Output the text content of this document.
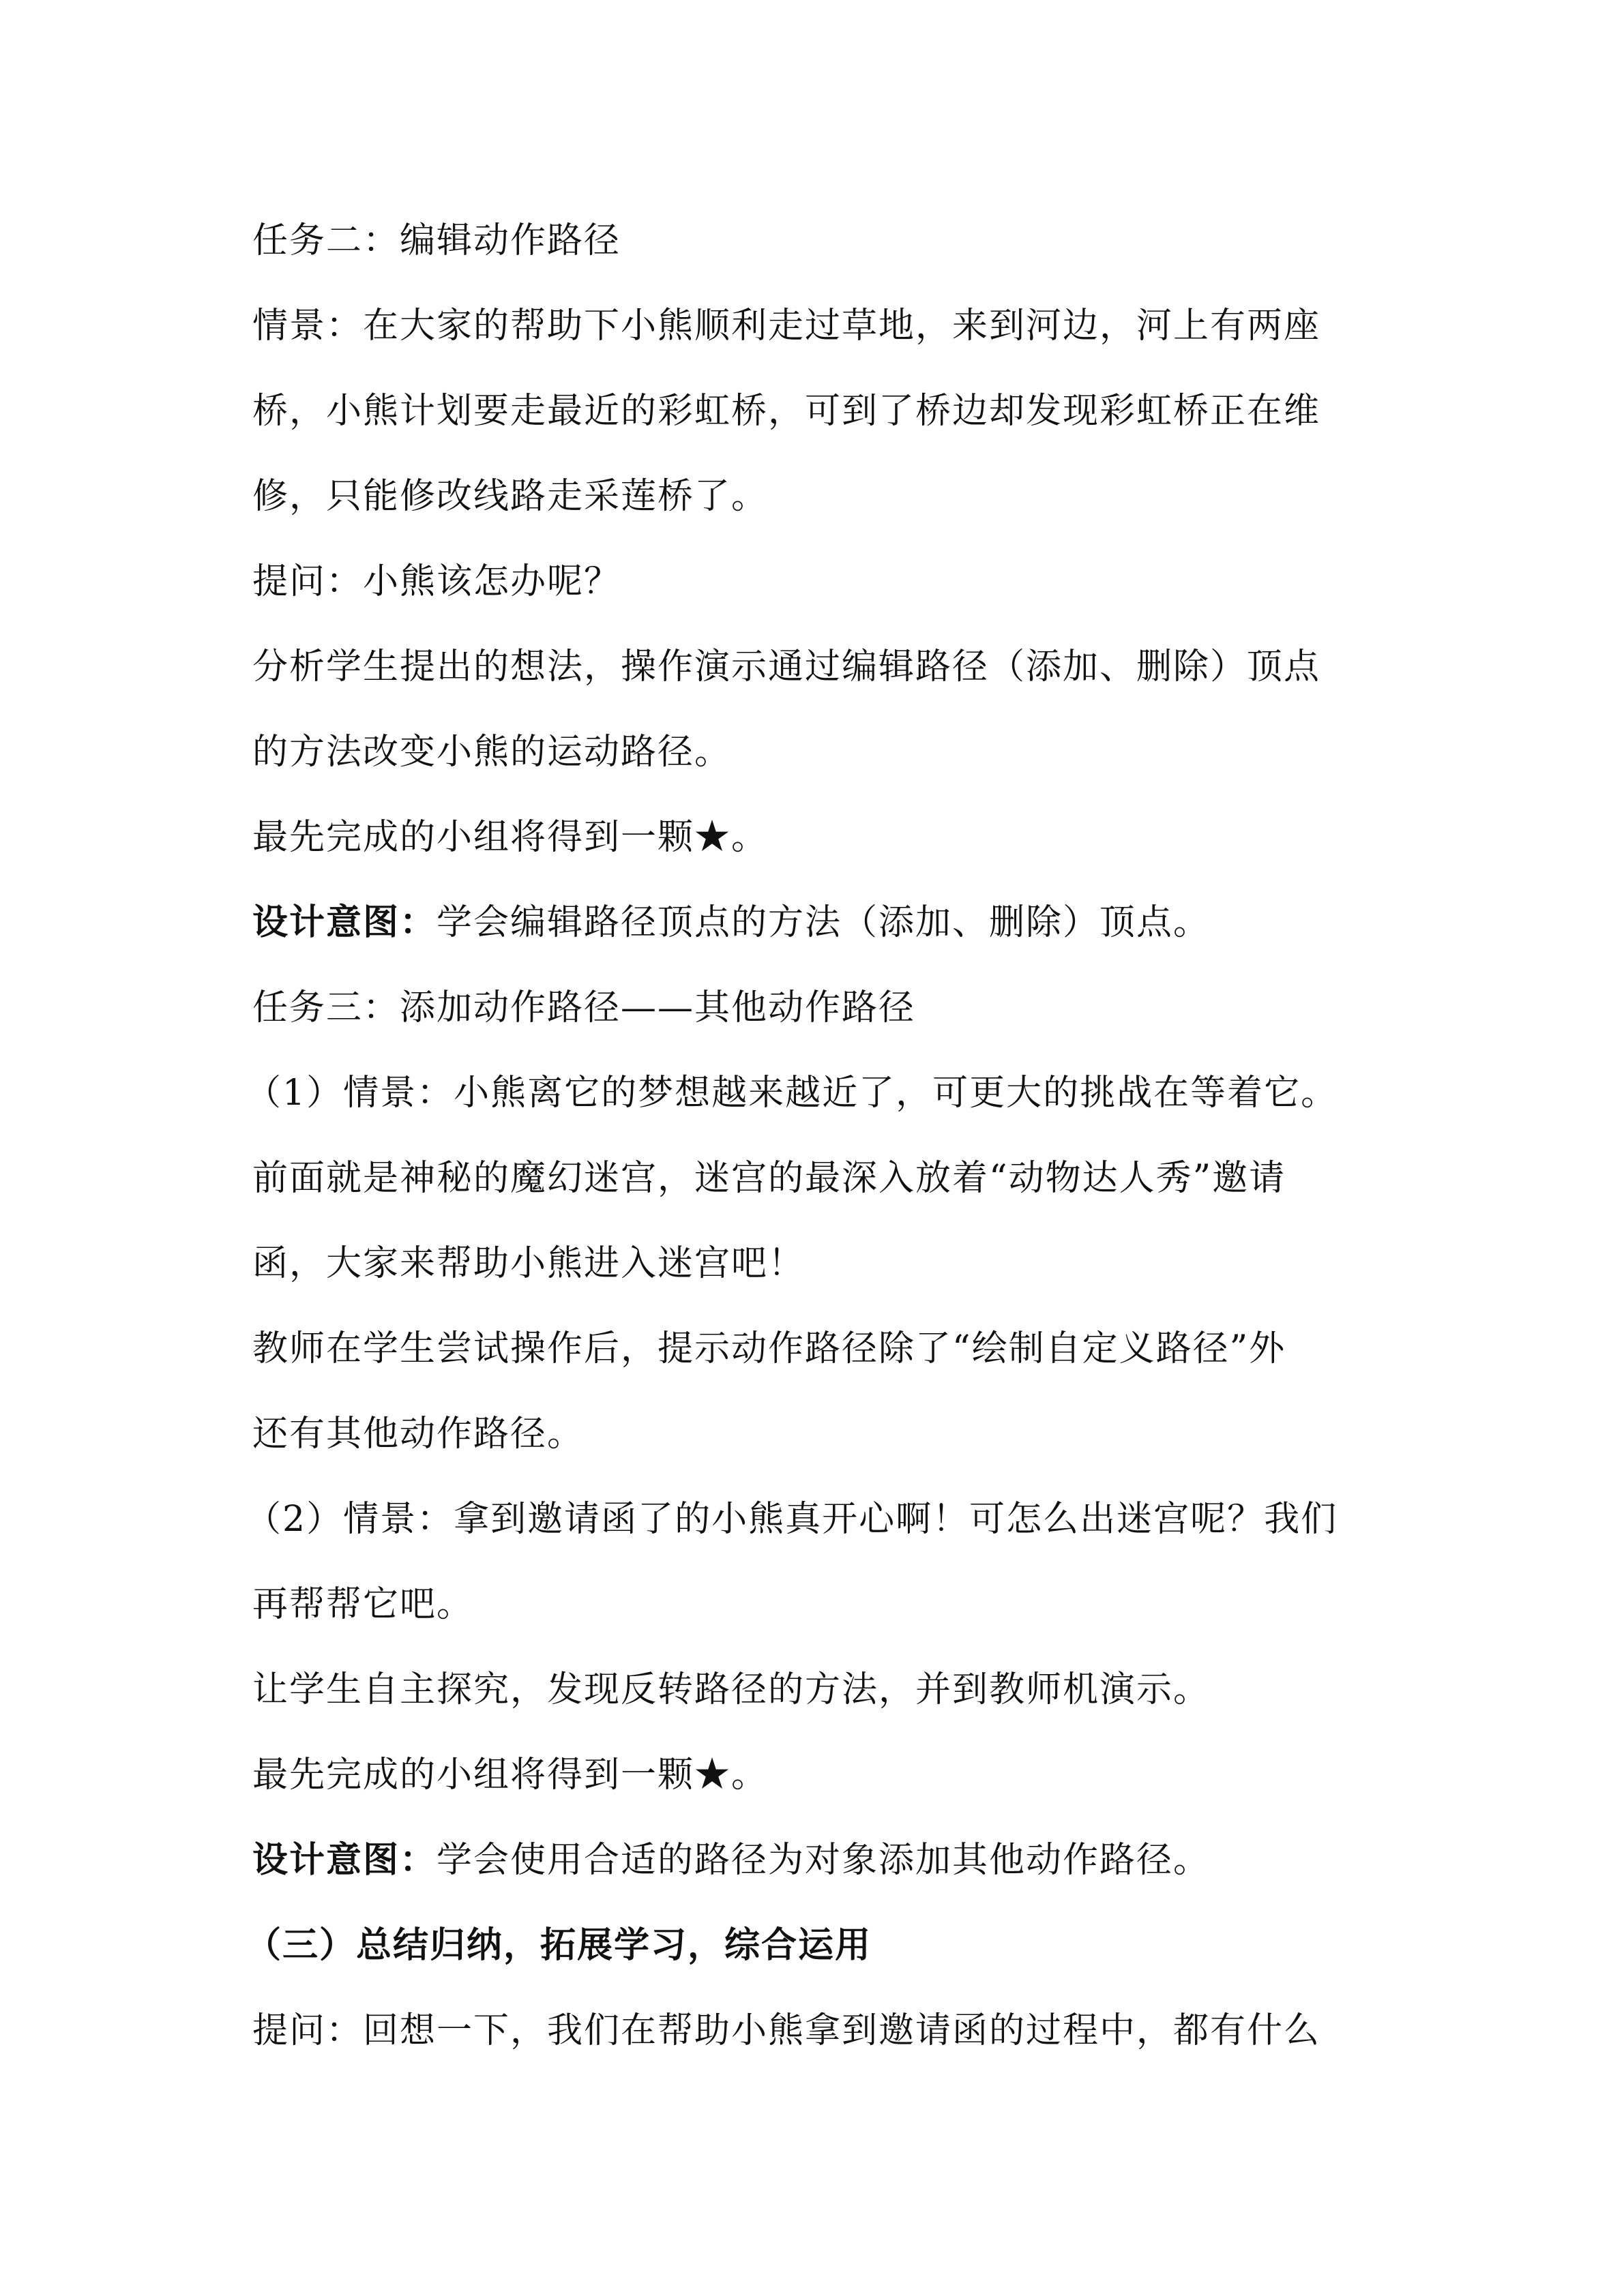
任务二：编辑动作路径
情景：在大家的帮助下小熊顺利走过草地，来到河边，河上有两座
桥，小熊计划要走最近的彩虹桥，可到了桥边却发现彩虹桥正在维
修，只能修改线路走采莲桥了。
提问：小熊该怎办呢？
分析学生提出的想法，操作演示通过编辑路径（添加、删除）顶点
的方法改变小熊的运动路径。
最先完成的小组将得到一颗★。
设计意图：学会编辑路径顶点的方法（添加、删除）顶点。
任务三：添加动作路径——其他动作路径
（1）情景：小熊离它的梦想越来越近了，可更大的挑战在等着它。
前面就是神秘的魔幻迷宫，迷宫的最深入放着“动物达人秀”邀请
函，大家来帮助小熊进入迷宫吧！
教师在学生尝试操作后，提示动作路径除了“绘制自定义路径”外
还有其他动作路径。
（2）情景：拿到邀请函了的小熊真开心啊！可怎么出迷宫呢？我们
再帮帮它吧。
让学生自主探究，发现反转路径的方法，并到教师机演示。
最先完成的小组将得到一颗★。
设计意图：学会使用合适的路径为对象添加其他动作路径。
（三）总结归纳，拓展学习，综合运用
提问：回想一下，我们在帮助小熊拿到邀请函的过程中，都有什么
